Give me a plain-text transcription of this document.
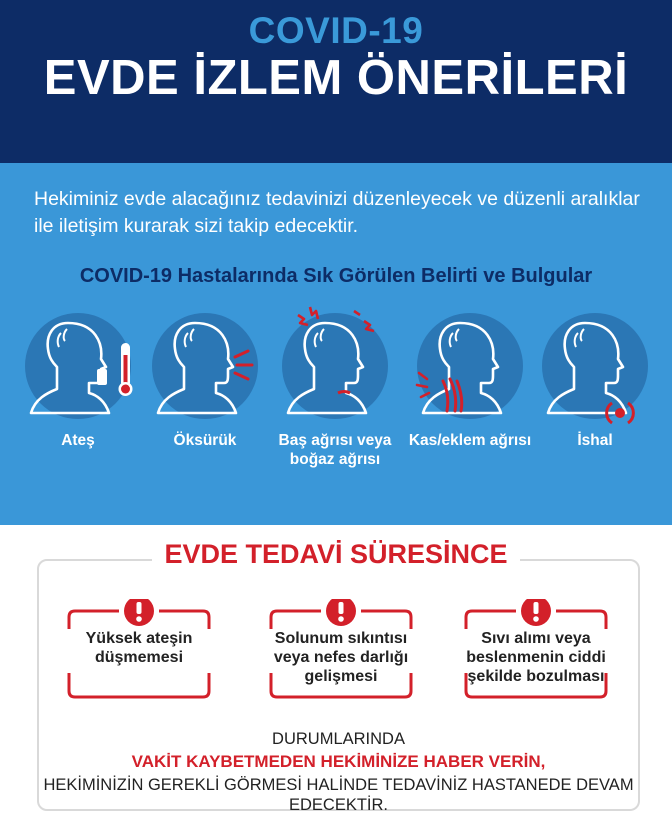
COVID-19
EVDE İZLEM ÖNERİLERİ
Hekiminiz evde alacağınız tedavinizi düzenleyecek ve düzenli aralıklar ile iletişim kurarak sizi takip edecektir.
COVID-19 Hastalarında Sık Görülen Belirti ve Bulgular
Ateş	Öksürük	Baş ağrısı veya boğaz ağrısı
Kas/eklem ağrısı	İshal
EVDE TEDAVİ SÜRESİNCE
Yüksek ateşin düşmemesi
Solunum sıkıntısı veya nefes darlığı gelişmesi
Sıvı alımı veya beslenmenin ciddi şekilde bozulması
DURUMLARINDA
VAKİT KAYBETMEDEN HEKİMİNİZE HABER VERİN,
HEKİMİNİZİN GEREKLİ GÖRMESİ HALİNDE TEDAVİNİZ HASTANEDE DEVAM EDECEKTİR.
